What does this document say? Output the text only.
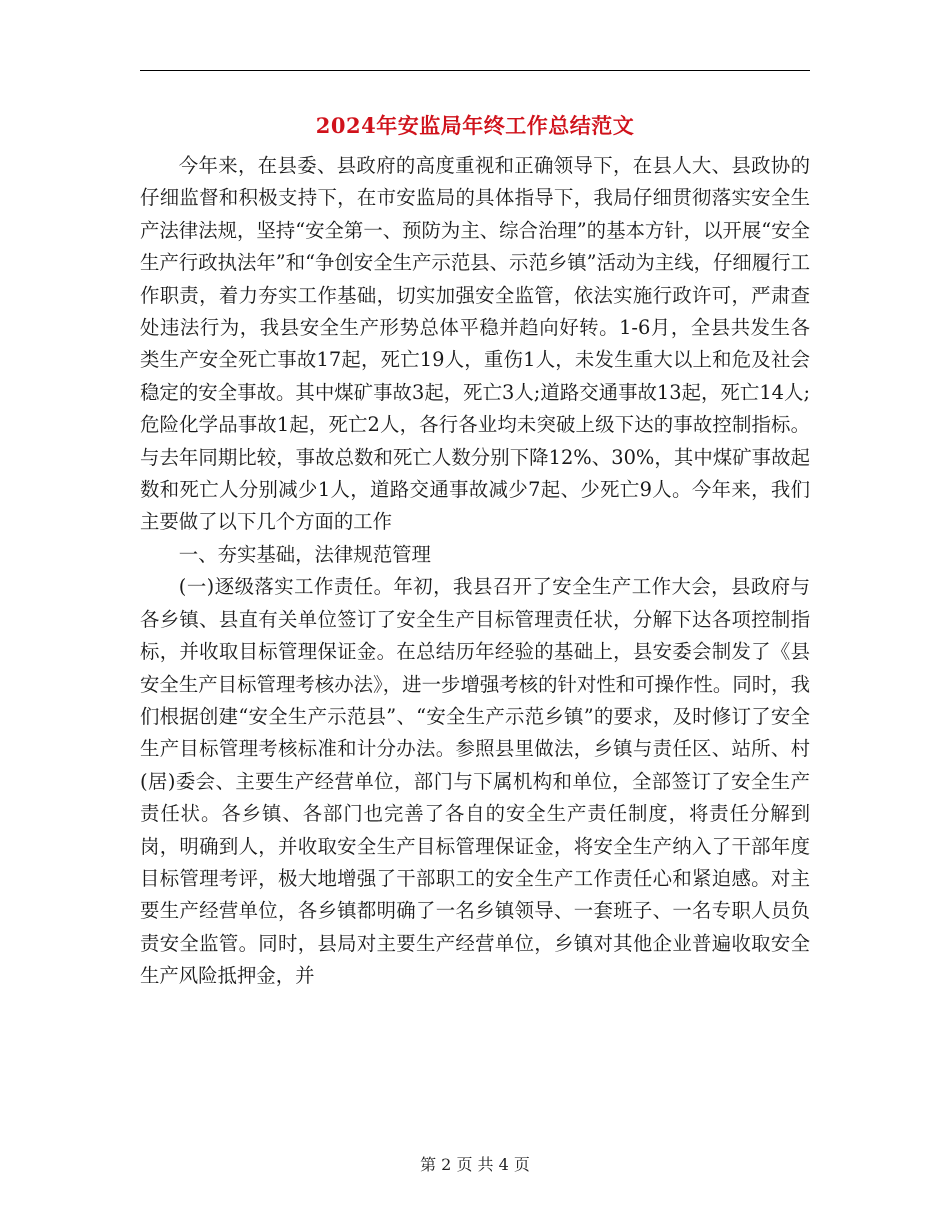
2024年安监局年终工作总结范文

今年来，在县委、县政府的高度重视和正确领导下，在县人大、县政协的仔细监督和积极支持下，在市安监局的具体指导下，我局仔细贯彻落实安全生产法律法规，坚持“安全第一、预防为主、综合治理”的基本方针，以开展“安全生产行政执法年”和“争创安全生产示范县、示范乡镇”活动为主线，仔细履行工作职责，着力夯实工作基础，切实加强安全监管，依法实施行政许可，严肃查处违法行为，我县安全生产形势总体平稳并趋向好转。1-6月，全县共发生各类生产安全死亡事故17起，死亡19人，重伤1人，未发生重大以上和危及社会稳定的安全事故。其中煤矿事故3起，死亡3人;道路交通事故13起，死亡14人;危险化学品事故1起，死亡2人，各行各业均未突破上级下达的事故控制指标。与去年同期比较，事故总数和死亡人数分别下降12%、30%，其中煤矿事故起数和死亡人分别减少1人，道路交通事故减少7起、少死亡9人。今年来，我们主要做了以下几个方面的工作

一、夯实基础，法律规范管理

(一)逐级落实工作责任。年初，我县召开了安全生产工作大会，县政府与各乡镇、县直有关单位签订了安全生产目标管理责任状，分解下达各项控制指标，并收取目标管理保证金。在总结历年经验的基础上，县安委会制发了《县安全生产目标管理考核办法》，进一步增强考核的针对性和可操作性。同时，我们根据创建“安全生产示范县”、“安全生产示范乡镇”的要求，及时修订了安全生产目标管理考核标准和计分办法。参照县里做法，乡镇与责任区、站所、村(居)委会、主要生产经营单位，部门与下属机构和单位，全部签订了安全生产责任状。各乡镇、各部门也完善了各自的安全生产责任制度，将责任分解到岗，明确到人，并收取安全生产目标管理保证金，将安全生产纳入了干部年度目标管理考评，极大地增强了干部职工的安全生产工作责任心和紧迫感。对主要生产经营单位，各乡镇都明确了一名乡镇领导、一套班子、一名专职人员负责安全监管。同时，县局对主要生产经营单位，乡镇对其他企业普遍收取安全生产风险抵押金，并

第 2 页 共 4 页
